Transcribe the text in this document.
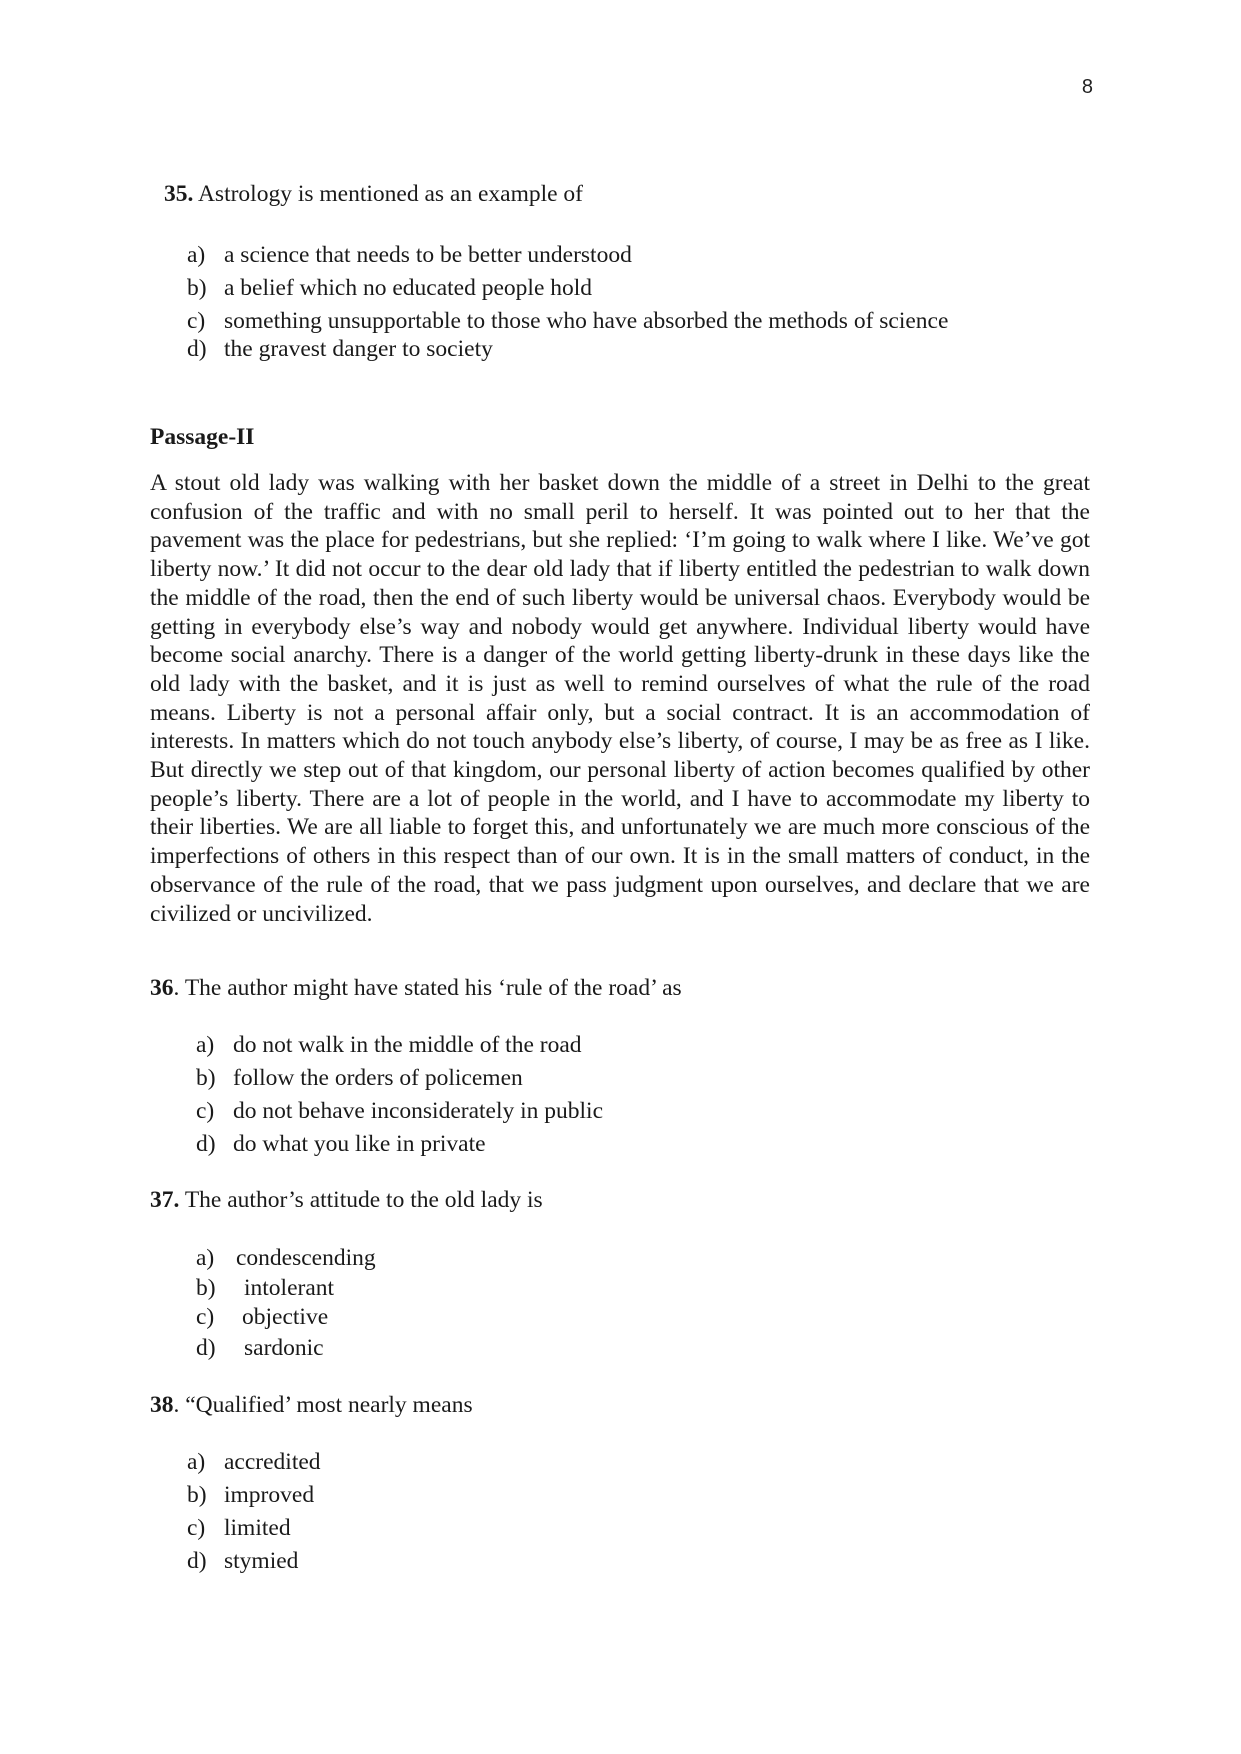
8
35. Astrology is mentioned as an example of
a) a science that needs to be better understood
b) a belief which no educated people hold
c) something unsupportable to those who have absorbed the methods of science
d) the gravest danger to society
Passage-II

A stout old lady was walking with her basket down the middle of a street in Delhi to the great confusion of the traffic and with no small peril to herself. It was pointed out to her that the pavement was the place for pedestrians, but she replied: ‘I’m going to walk where I like. We’ve got liberty now.’ It did not occur to the dear old lady that if liberty entitled the pedestrian to walk down the middle of the road, then the end of such liberty would be universal chaos. Everybody would be getting in everybody else’s way and nobody would get anywhere. Individual liberty would have become social anarchy. There is a danger of the world getting liberty-drunk in these days like the old lady with the basket, and it is just as well to remind ourselves of what the rule of the road means. Liberty is not a personal affair only, but a social contract. It is an accommodation of interests. In matters which do not touch anybody else’s liberty, of course, I may be as free as I like. But directly we step out of that kingdom, our personal liberty of action becomes qualified by other people’s liberty. There are a lot of people in the world, and I have to accommodate my liberty to their liberties. We are all liable to forget this, and unfortunately we are much more conscious of the imperfections of others in this respect than of our own. It is in the small matters of conduct, in the observance of the rule of the road, that we pass judgment upon ourselves, and declare that we are civilized or uncivilized.

36. The author might have stated his ‘rule of the road’ as
a) do not walk in the middle of the road
b) follow the orders of policemen
c) do not behave inconsiderately in public
d) do what you like in private
37. The author’s attitude to the old lady is
a) condescending
b) intolerant
c) objective
d) sardonic
38. “Qualified’ most nearly means
a) accredited
b) improved
c) limited
d) stymied
